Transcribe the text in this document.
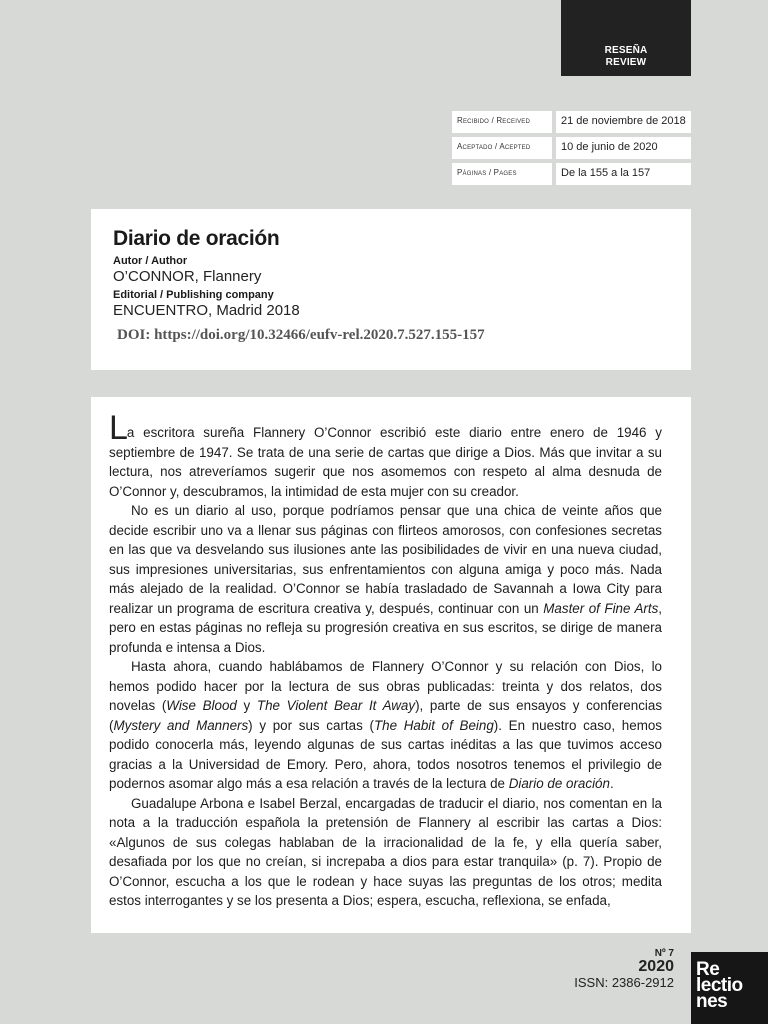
RESEÑA
REVIEW
Recibido / Received	21 de noviembre de 2018
Aceptado / Acepted	10 de junio de 2020
Páginas / Pages	De la 155 a la 157
Diario de oración
Autor / Author
O’CONNOR, Flannery
Editorial / Publishing company
ENCUENTRO, Madrid 2018
DOI: https://doi.org/10.32466/eufv-rel.2020.7.527.155-157

La escritora sureña Flannery O’Connor escribió este diario entre enero de 1946 y septiembre de 1947. Se trata de una serie de cartas que dirige a Dios. Más que invitar a su lectura, nos atreveríamos sugerir que nos asomemos con respeto al alma desnuda de O’Connor y, descubramos, la intimidad de esta mujer con su creador.

No es un diario al uso, porque podríamos pensar que una chica de veinte años que decide escribir uno va a llenar sus páginas con flirteos amorosos, con confesiones secretas en las que va desvelando sus ilusiones ante las posibilidades de vivir en una nueva ciudad, sus impresiones universitarias, sus enfrentamientos con alguna amiga y poco más. Nada más alejado de la realidad. O’Connor se había trasladado de Savannah a Iowa City para realizar un programa de escritura creativa y, después, continuar con un Master of Fine Arts, pero en estas páginas no refleja su progresión creativa en sus escritos, se dirige de manera profunda e intensa a Dios.

Hasta ahora, cuando hablábamos de Flannery O’Connor y su relación con Dios, lo hemos podido hacer por la lectura de sus obras publicadas: treinta y dos relatos, dos novelas (Wise Blood y The Violent Bear It Away), parte de sus ensayos y conferencias (Mystery and Manners) y por sus cartas (The Habit of Being). En nuestro caso, hemos podido conocerla más, leyendo algunas de sus cartas inéditas a las que tuvimos acceso gracias a la Universidad de Emory. Pero, ahora, todos nosotros tenemos el privilegio de podernos asomar algo más a esa relación a través de la lectura de Diario de oración.

Guadalupe Arbona e Isabel Berzal, encargadas de traducir el diario, nos comentan en la nota a la traducción española la pretensión de Flannery al escribir las cartas a Dios: «Algunos de sus colegas hablaban de la irracionalidad de la fe, y ella quería saber, desafiada por los que no creían, si increpaba a dios para estar tranquila» (p. 7). Propio de O’Connor, escucha a los que le rodean y hace suyas las preguntas de los otros; medita estos interrogantes y se los presenta a Dios; espera, escucha, reflexiona, se enfada,

Nº 7
2020
ISSN: 2386-2912
Re
lectio
nes
